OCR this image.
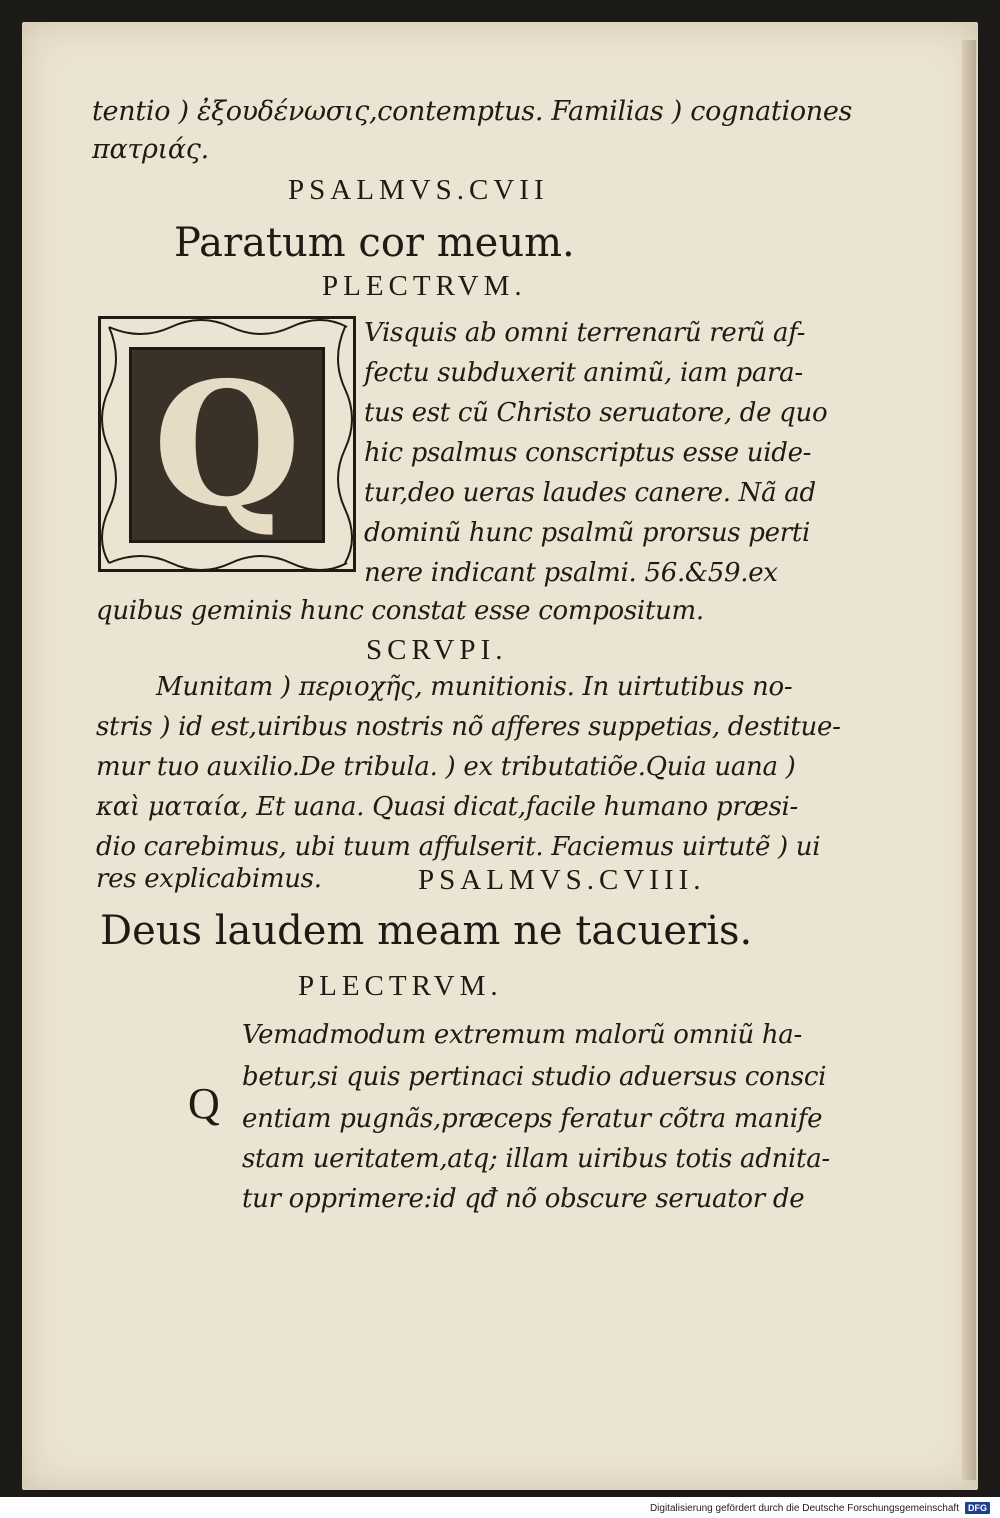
tentio ) ἐξουδένωσις,contemptus. Familias ) cognationes

πατριάς.

PSALMVS.CVII

Paratum cor meum.

PLECTRVM.

Q

Visquis ab omni terrenarũ rerũ af-

fectu subduxerit animũ, iam para-

tus est cũ Christo seruatore, de quo

hic psalmus conscriptus esse uide-

tur,deo ueras laudes canere. Nã ad

dominũ hunc psalmũ prorsus perti

nere indicant psalmi. 56.&59.ex

quibus geminis hunc constat esse compositum.

SCRVPI.

Munitam ) περιοχῆς, munitionis. In uirtutibus no-

stris ) id est,uiribus nostris nõ afferes suppetias, destitue-

mur tuo auxilio.De tribula. ) ex tributatiõe.Quia uana )

καὶ ματαία, Et uana. Quasi dicat,facile humano præsi-

dio carebimus, ubi tuum affulserit. Faciemus uirtutẽ ) ui

res explicabimus.	PSALMVS.CVIII.

Deus laudem meam ne tacueris.

PLECTRVM.

Q

Vemadmodum extremum malorũ omniũ ha-

betur,si quis pertinaci studio aduersus consci

entiam pugnãs,præceps feratur cõtra manife

stam ueritatem,atq; illam uiribus totis adnita-

tur opprimere:id qđ nõ obscure seruator de

Digitalisierung gefördert durch die Deutsche Forschungsgemeinschaft	DFG
